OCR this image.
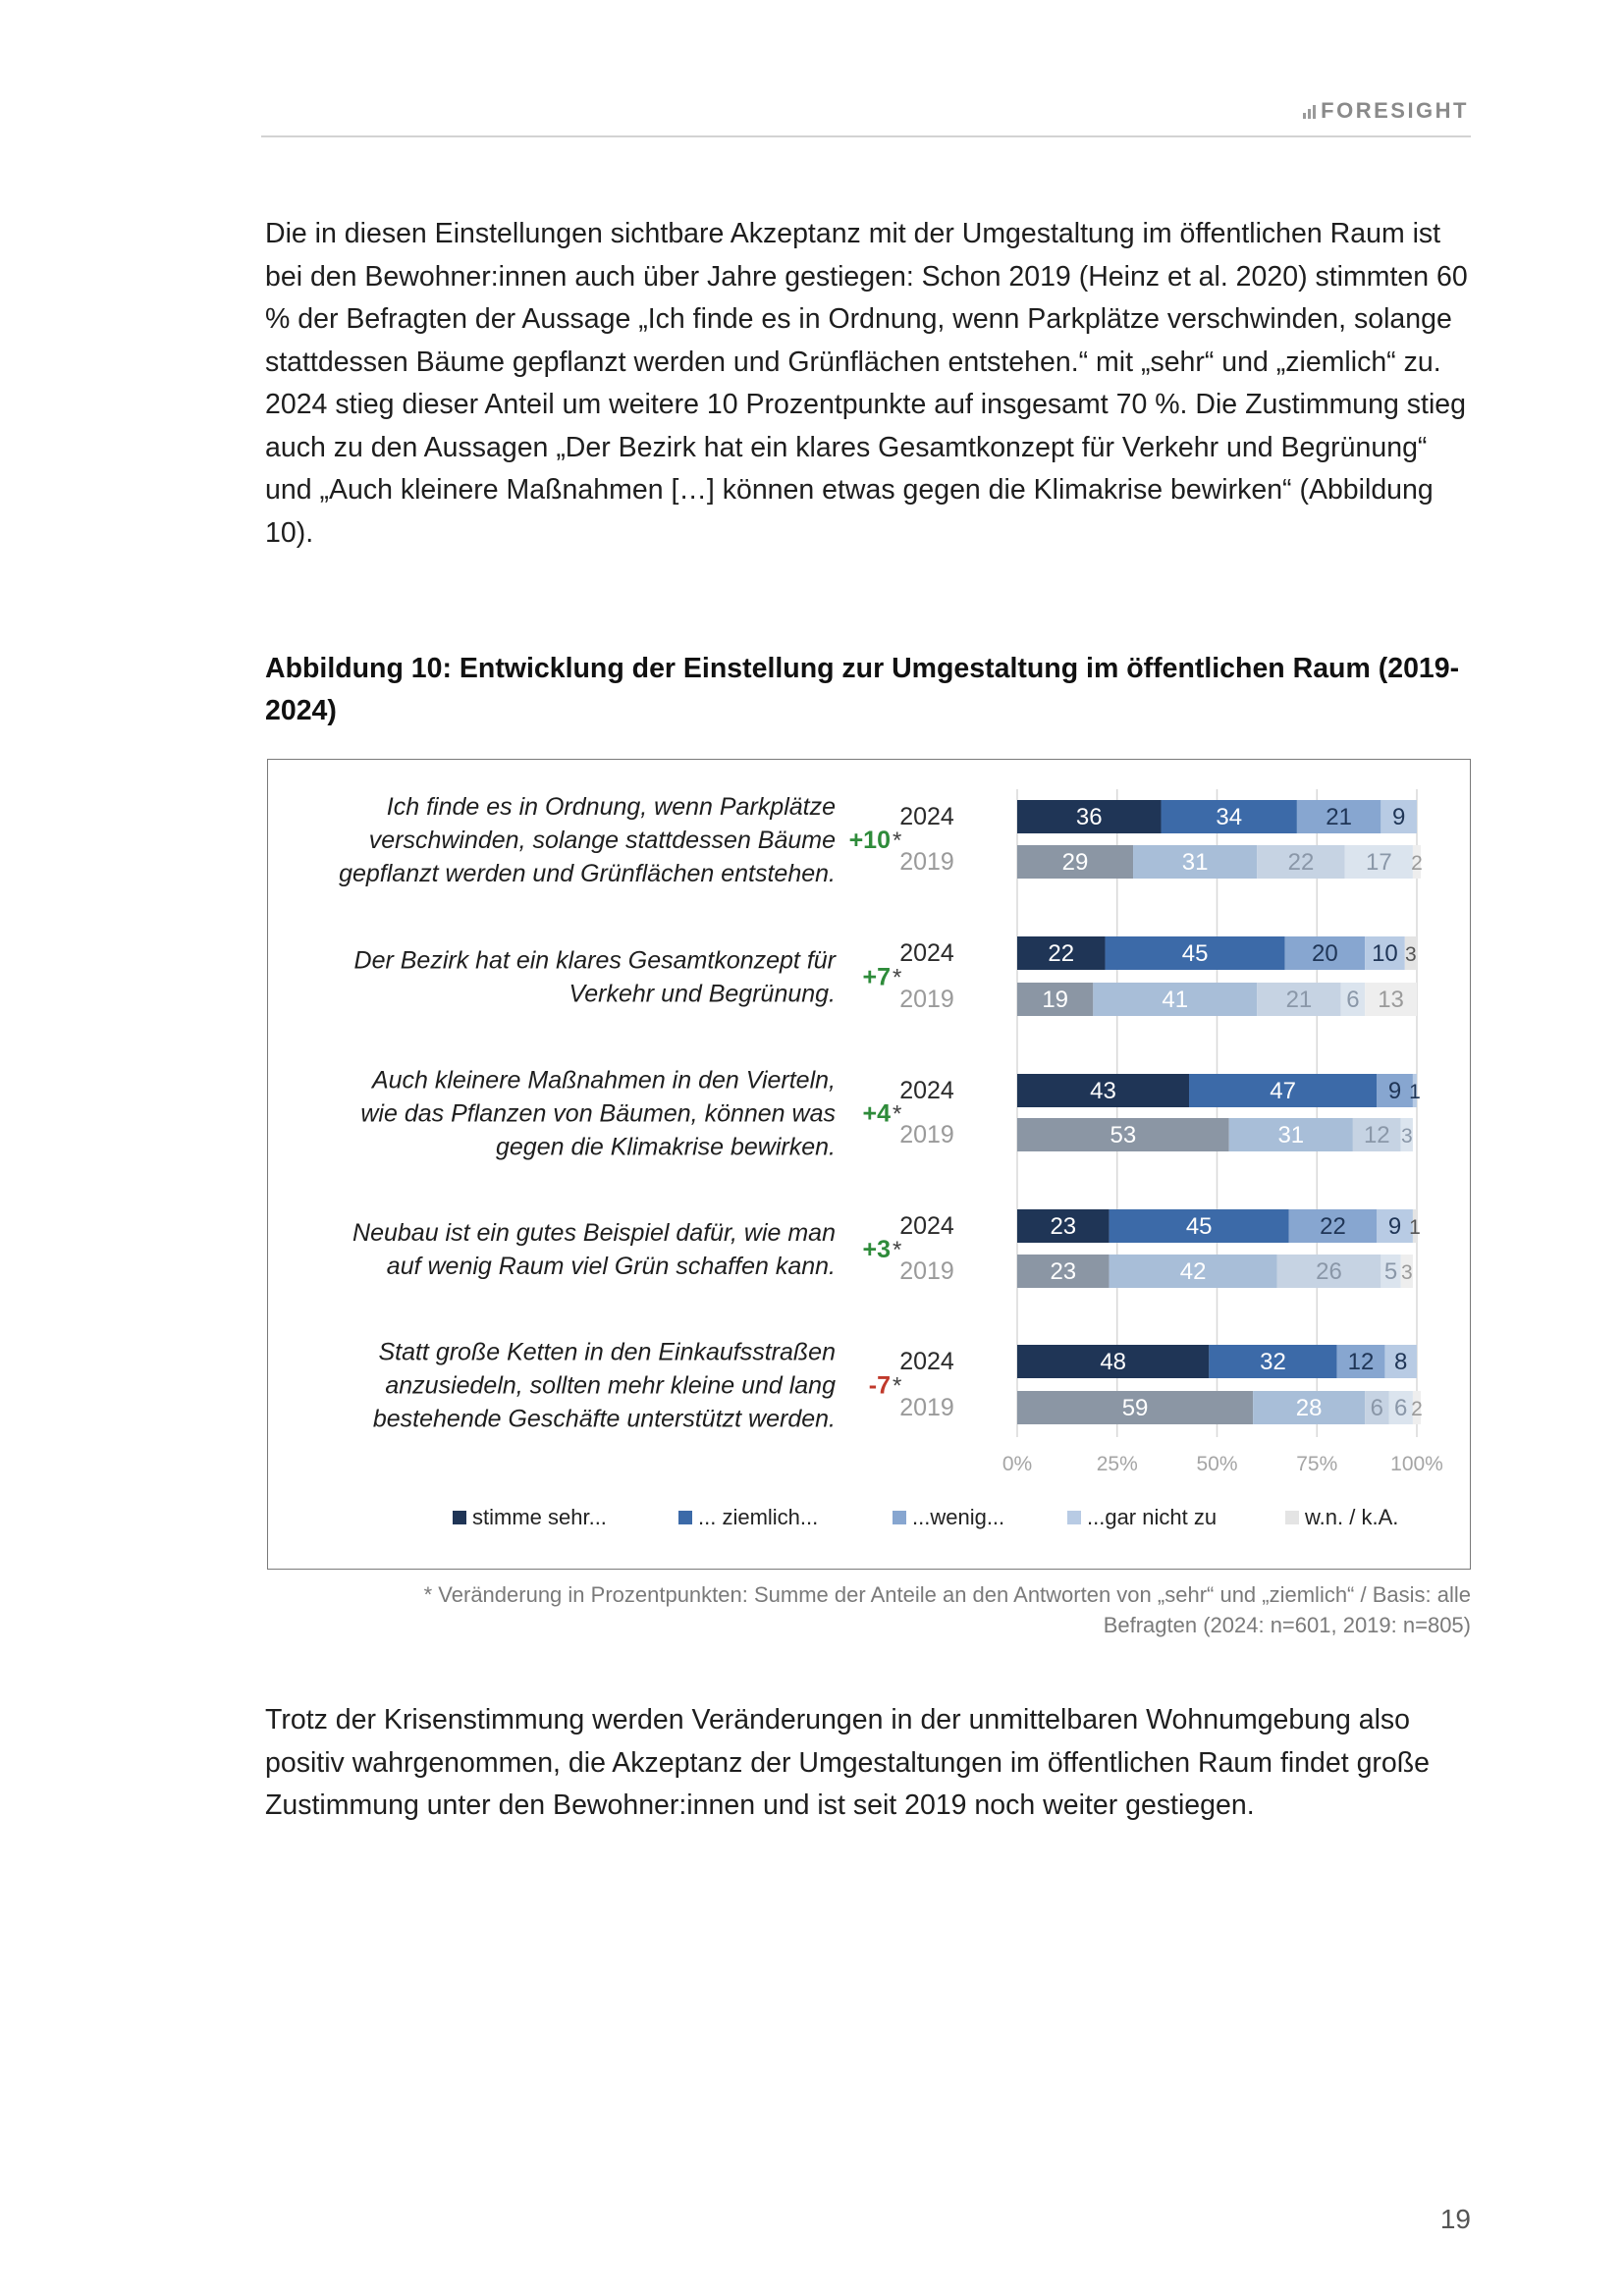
FORESIGHT

Die in diesen Einstellungen sichtbare Akzeptanz mit der Umgestaltung im öffentlichen Raum ist bei den Bewohner:innen auch über Jahre gestiegen: Schon 2019 (Heinz et al. 2020) stimmten 60 % der Befragten der Aussage „Ich finde es in Ordnung, wenn Parkplätze verschwinden, solange stattdessen Bäume gepflanzt werden und Grünflächen entstehen.“ mit „sehr“ und „ziemlich“ zu. 2024 stieg dieser Anteil um weitere 10 Prozentpunkte auf insgesamt 70 %. Die Zustimmung stieg auch zu den Aussagen „Der Bezirk hat ein klares Gesamtkonzept für Verkehr und Begrünung“ und „Auch kleinere Maßnahmen […] können etwas gegen die Klimakrise bewirken“ (Abbildung 10).

Abbildung 10: Entwicklung der Einstellung zur Umgestaltung im öffentlichen Raum (2019-2024)

0%	25%	50%	75%	100%
Ich finde es in Ordnung, wenn Parkplätze
verschwinden, solange stattdessen Bäume
gepflanzt werden und Grünflächen entstehen.
+10 *
2024	36	34	21 9
2019	29	31	22 17 2
Der Bezirk hat ein klares Gesamtkonzept für
Verkehr und Begrünung.
+7 *
2024	22	45	20 10 3
2019	19	41	21 6 13
Auch kleinere Maßnahmen in den Vierteln,
wie das Pflanzen von Bäumen, können was
gegen die Klimakrise bewirken.
+4 *
2024	43	47	9 1
2019	53	31	12 3
Neubau ist ein gutes Beispiel dafür, wie man
auf wenig Raum viel Grün schaffen kann.
+3 *
2024	23	45	22 9 1
2019	23	42	26 5 3
Statt große Ketten in den Einkaufsstraßen
anzusiedeln, sollten mehr kleine und lang
bestehende Geschäfte unterstützt werden.
-7 *
2024	48	32	12 8
2019	59	28 6 6 2
stimme sehr...	... ziemlich...	...wenig...	...gar nicht zu	w.n. / k.A.
* Veränderung in Prozentpunkten: Summe der Anteile an den Antworten von „sehr“ und „ziemlich“ / Basis: alle
Befragten (2024: n=601, 2019: n=805)

Trotz der Krisenstimmung werden Veränderungen in der unmittelbaren Wohnumgebung also positiv wahrgenommen, die Akzeptanz der Umgestaltungen im öffentlichen Raum findet große Zustimmung unter den Bewohner:innen und ist seit 2019 noch weiter gestiegen.

19
